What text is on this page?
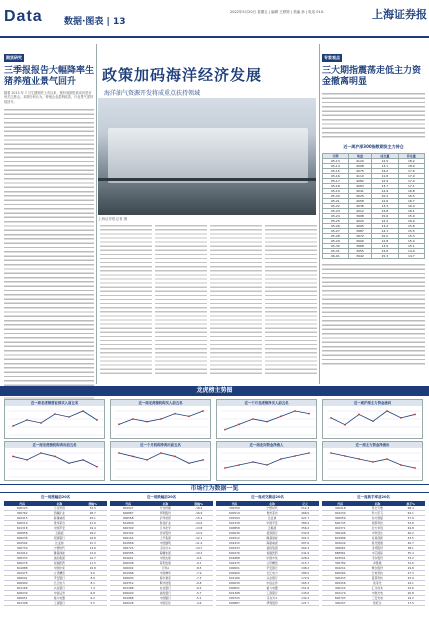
Data 数据·图表 | 13
2022年5月20日 星期五 | 编辑 王婷婷 | 美编 孙 | 电话 010-	上海证券报
期货研究
三季报报告大幅降率生猪养殖业景气回升
随着 2013 年 7 月生猪期货上市以来，猪价周期性波动仍是市场关注焦点。本期分析认为，养殖企业盈利改善，行业景气度持续回升。
政策加码海洋经济发展
海洋油气资源开发将成重点扶持领域
上海证券报记者 摄
专家观点
三大期指震荡走低主力资金撤离明显
近一周沪深300指数期货主力持仓
日期	收盘	成交量	持仓量
05-13	4120	12.5	18.2
05-14	4098	13.1	18.0
05-15	4075	14.2	17.6
05-16	4110	11.8	17.9
05-17	4082	12.9	17.4
05-18	4063	13.7	17.1
05-19	4041	14.9	16.8
05-20	4025	15.2	16.5
05-21	4058	12.6	16.7
05-22	4036	13.3	16.4
05-23	4012	14.8	16.1
05-24	3998	15.6	15.9
05-25	4020	12.2	16.0
05-26	4005	13.4	15.8
05-27	3987	14.1	15.5
05-28	3972	15.0	15.3
05-29	3990	12.8	15.4
05-30	3968	13.9	15.1
05-31	3955	14.6	14.9
06-01	3942	15.3	14.7
龙虎榜主势图
近一周龙虎榜营业部买入前五名	近一周龙虎榜机构买入前五名	近一个月龙虎榜净买入前五名	近一周沪深主力资金流向
近一周龙虎榜机构卖出前五名	近一个月机构净卖出前五名	近一周北向资金净流入	近一周主力资金净流出
市场行为数据一览
近一周涨幅前20名
代码	名称	涨幅%
600123	兰花科创	32.5
000762	西藏矿业	28.7
002415	海康威视	25.1
600519	贵州茅台	21.9
601318	中国平安	19.4
000858	五粮液	18.2
600036	招商银行	16.8
002594	比亚迪	15.3
300750	宁德时代	14.6
601012	隆基绿能	13.9
000333	美的集团	12.7
600276	恒瑞医药	11.5
601888	中国中免	10.8
002475	立讯精密	9.6
000001	平安银行	8.9
600900	长江电力	8.1
601166	兴业银行	7.4
600030	中信证券	6.8
000651	格力电器	6.2
601398	工商银行	5.5
近一周跌幅前20名
代码	名称	跌幅%
002027	分众传媒	-18.4
600887	伊利股份	-16.9
000568	泸州老窖	-15.2
601899	紫金矿业	-14.6
600309	万华化学	-13.8
002304	洋河股份	-12.9
600104	上汽集团	-12.1
601668	中国建筑	-11.4
000725	京东方A	-10.7
600585	海螺水泥	-10.2
601601	中国太保	-9.6
600048	保利发展	-9.1
000002	万科A	-8.5
601088	中国神华	-7.9
600690	海尔智家	-7.3
002352	顺丰控股	-6.8
601288	农业银行	-6.2
600000	浦发银行	-5.7
601988	中国银行	-5.1
600028	中国石化	-4.6
近一周成交额前20名
代码	名称	亿元
300750	宁德时代	512.3
600519	贵州茅台	468.9
002594	比亚迪	421.7
601318	中国平安	389.4
000858	五粮液	356.2
600036	招商银行	332.8
601012	隆基绿能	301.5
002415	海康威视	287.6
000333	美的集团	264.3
600276	恒瑞医药	241.9
601888	中国中免	228.4
002475	立讯精密	215.7
000001	平安银行	198.2
600900	长江电力	186.5
601166	兴业银行	172.9
600030	中信证券	165.3
000651	格力电器	151.8
601398	工商银行	143.6
000725	京东方A	132.4
600887	伊利股份	121.7
近一周换手率前20名
代码	名称	换手%
300418	昆仑万维	68.4
002230	科大讯飞	62.1
300059	东方财富	57.9
600745	闻泰科技	53.6
002371	北方华创	49.8
300496	中科创达	46.2
603986	兆易创新	43.5
002049	紫光国微	40.7
300661	圣邦股份	38.1
688981	中芯国际	35.4
603501	韦尔股份	33.2
300782	卓胜微	31.6
002241	歌尔股份	29.8
600584	长电科技	27.3
300433	蓝思科技	25.9
002456	欧菲光	24.1
300124	汇川技术	22.6
002179	中航光电	20.8
600703	三安光电	19.2
300207	欣旺达	17.5
